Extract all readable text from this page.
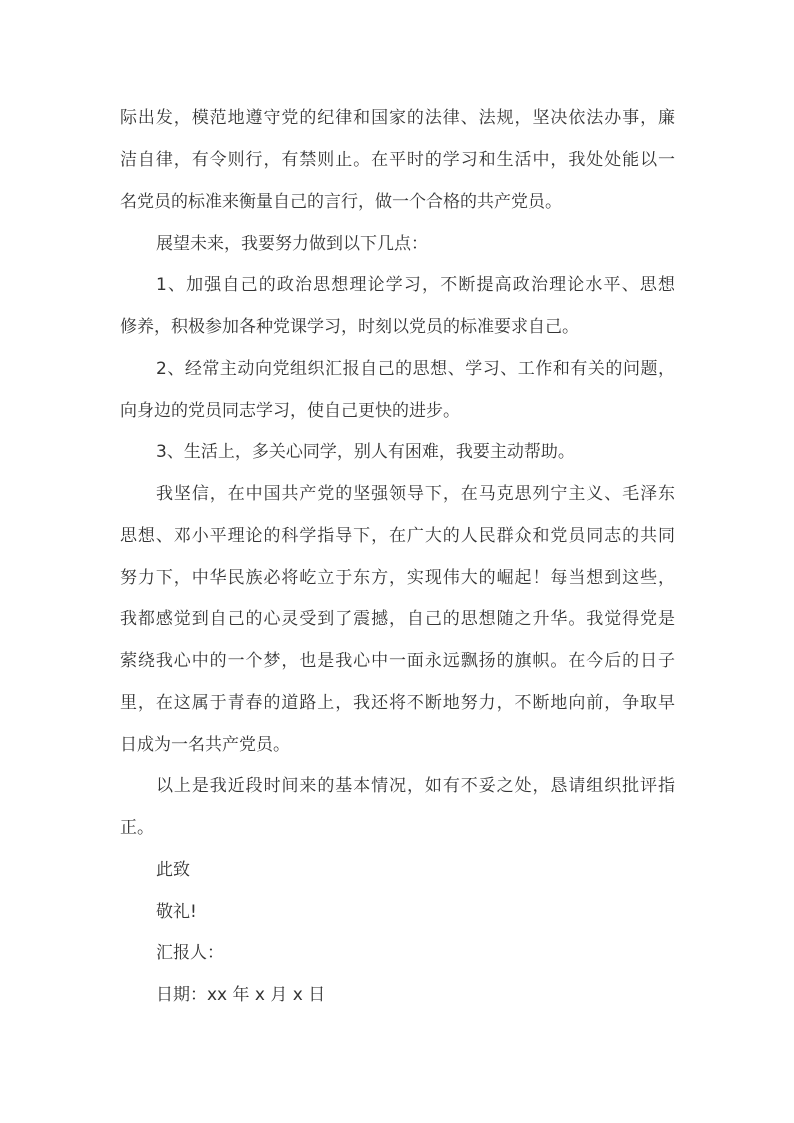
际出发，模范地遵守党的纪律和国家的法律、法规，坚决依法办事，廉
洁自律，有令则行，有禁则止。在平时的学习和生活中，我处处能以一
名党员的标准来衡量自己的言行，做一个合格的共产党员。
展望未来，我要努力做到以下几点：
1、加强自己的政治思想理论学习，不断提高政治理论水平、思想
修养，积极参加各种党课学习，时刻以党员的标准要求自己。
2、经常主动向党组织汇报自己的思想、学习、工作和有关的问题，
向身边的党员同志学习，使自己更快的进步。
3、生活上，多关心同学，别人有困难，我要主动帮助。
我坚信，在中国共产党的坚强领导下，在马克思列宁主义、毛泽东
思想、邓小平理论的科学指导下，在广大的人民群众和党员同志的共同
努力下，中华民族必将屹立于东方，实现伟大的崛起！每当想到这些，
我都感觉到自己的心灵受到了震撼，自己的思想随之升华。我觉得党是
萦绕我心中的一个梦，也是我心中一面永远飘扬的旗帜。在今后的日子
里，在这属于青春的道路上，我还将不断地努力，不断地向前，争取早
日成为一名共产党员。
以上是我近段时间来的基本情况，如有不妥之处，恳请组织批评指
正。
此致
敬礼!
汇报人：
日期：xx 年 x 月 x 日
